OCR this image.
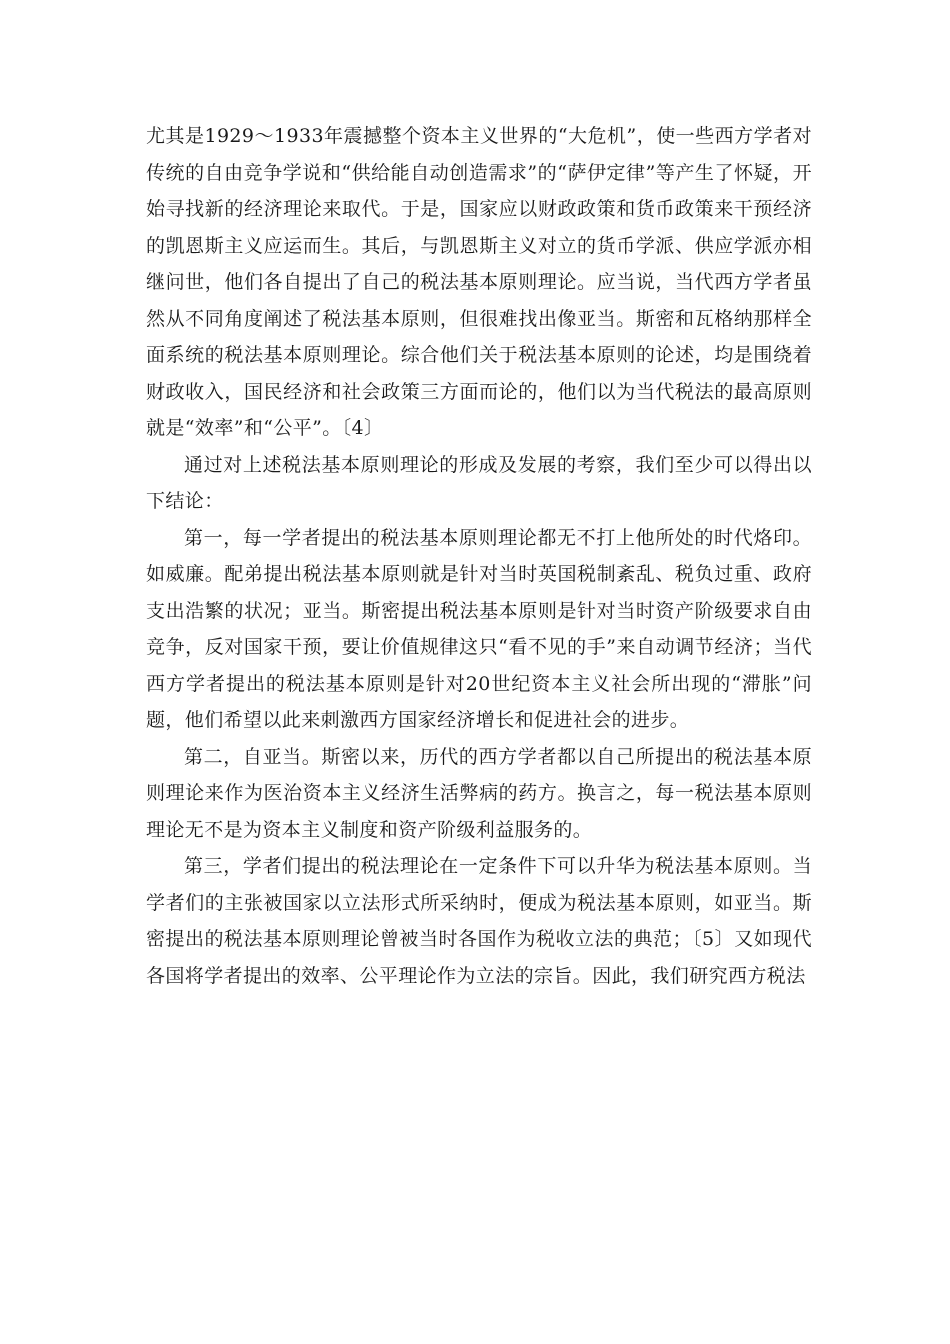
尤其是1929～1933年震撼整个资本主义世界的“大危机”，使一些西方学者对传统的自由竞争学说和“供给能自动创造需求”的“萨伊定律”等产生了怀疑，开始寻找新的经济理论来取代。于是，国家应以财政政策和货币政策来干预经济的凯恩斯主义应运而生。其后，与凯恩斯主义对立的货币学派、供应学派亦相继问世，他们各自提出了自己的税法基本原则理论。应当说，当代西方学者虽然从不同角度阐述了税法基本原则，但很难找出像亚当。斯密和瓦格纳那样全面系统的税法基本原则理论。综合他们关于税法基本原则的论述，均是围绕着财政收入，国民经济和社会政策三方面而论的，他们以为当代税法的最高原则就是“效率”和“公平”。〔4〕

通过对上述税法基本原则理论的形成及发展的考察，我们至少可以得出以下结论：

第一，每一学者提出的税法基本原则理论都无不打上他所处的时代烙印。如威廉。配弟提出税法基本原则就是针对当时英国税制紊乱、税负过重、政府支出浩繁的状况；亚当。斯密提出税法基本原则是针对当时资产阶级要求自由竞争，反对国家干预，要让价值规律这只“看不见的手”来自动调节经济；当代西方学者提出的税法基本原则是针对20世纪资本主义社会所出现的“滞胀”问题，他们希望以此来刺激西方国家经济增长和促进社会的进步。

第二，自亚当。斯密以来，历代的西方学者都以自己所提出的税法基本原则理论来作为医治资本主义经济生活弊病的药方。换言之，每一税法基本原则理论无不是为资本主义制度和资产阶级利益服务的。

第三，学者们提出的税法理论在一定条件下可以升华为税法基本原则。当学者们的主张被国家以立法形式所采纳时，便成为税法基本原则，如亚当。斯密提出的税法基本原则理论曾被当时各国作为税收立法的典范；〔5〕又如现代各国将学者提出的效率、公平理论作为立法的宗旨。因此，我们研究西方税法
